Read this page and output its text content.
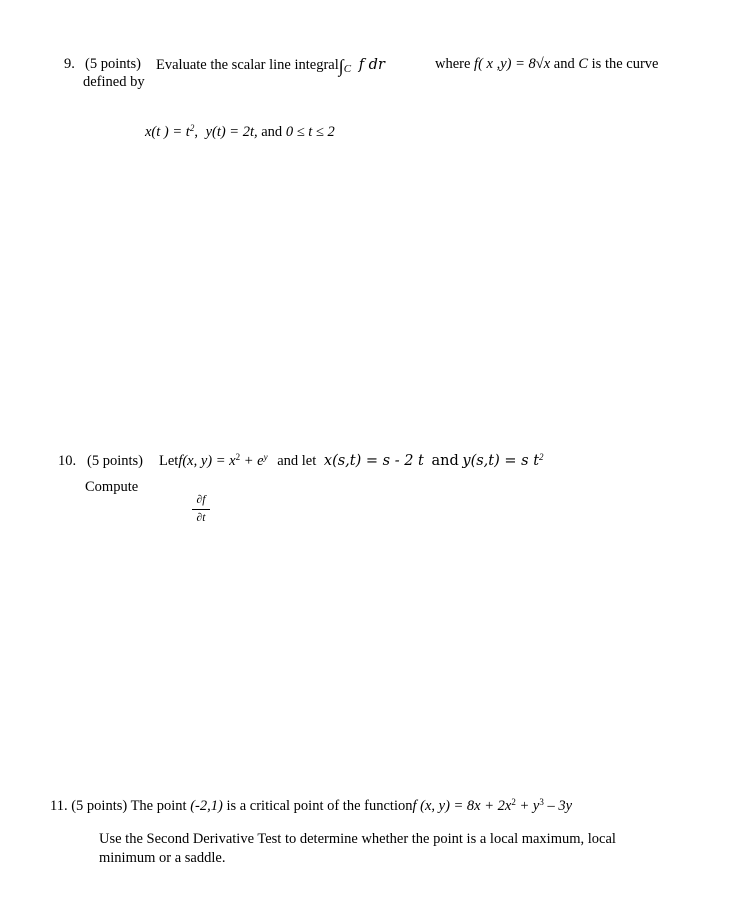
9. (5 points) Evaluate the scalar line $integral\int_C$ f dr	where f( x ,y) = 8√x and C is the curve
defined by
x(t ) = $t^2$, y(t) = 2t, and 0 ≤ t ≤ 2
10. (5 points) Letf(x, $y) = x^2 + e^y$ and let x(s,t) = s - 2 t and y(s,t) = s $t^2$
Compute
∂f
∂t
11. (5 points) The point (-2,1) is a critical point of the functionf (x, $y) = 8x + 2x^2 + y^3 - 3y$
Use the Second Derivative Test to determine whether the point is a local maximum, local
minimum or a saddle.
